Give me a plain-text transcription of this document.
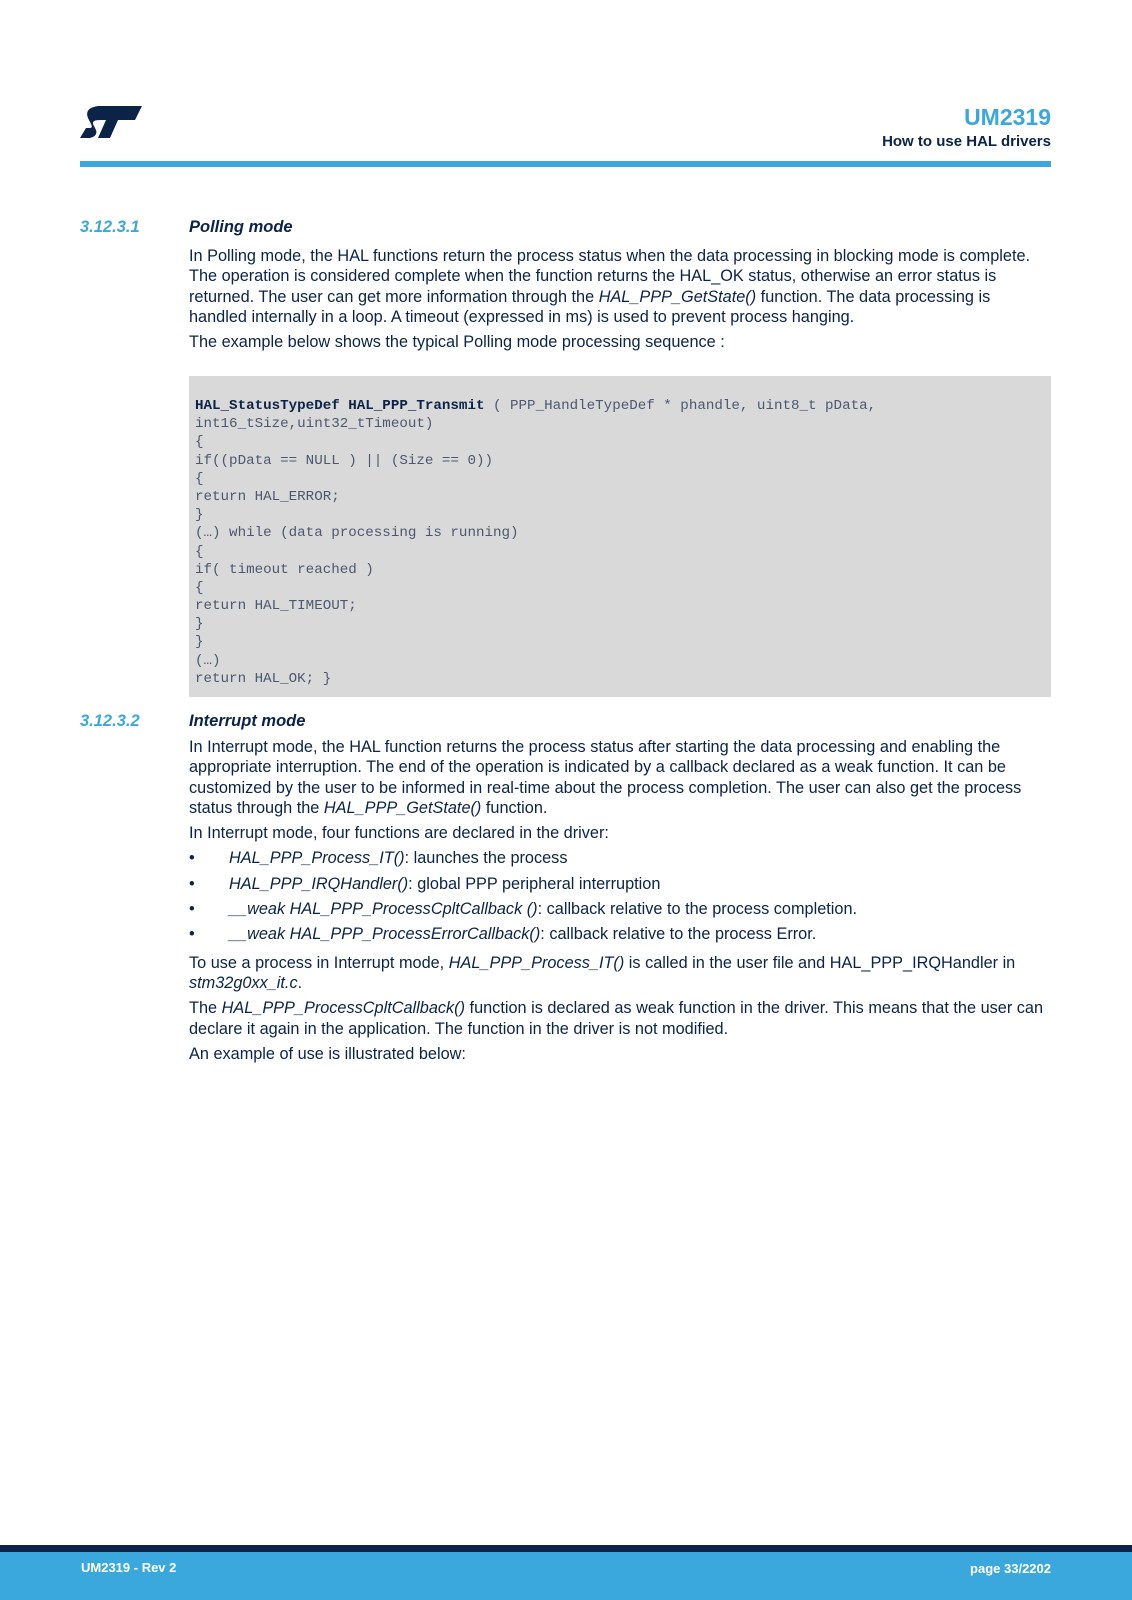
UM2319
How to use HAL drivers
3.12.3.1	Polling mode

In Polling mode, the HAL functions return the process status when the data processing in blocking mode is complete. The operation is considered complete when the function returns the HAL_OK status, otherwise an error status is returned. The user can get more information through the HAL_PPP_GetState() function. The data processing is handled internally in a loop. A timeout (expressed in ms) is used to prevent process hanging.

The example below shows the typical Polling mode processing sequence :

HAL_StatusTypeDef HAL_PPP_Transmit ( PPP_HandleTypeDef * phandle, uint8_t pData,
int16_tSize,uint32_tTimeout)
{
if((pData == NULL ) || (Size == 0))
{
return HAL_ERROR;
}
(…) while (data processing is running)
{
if( timeout reached )
{
return HAL_TIMEOUT;
}
}
(…)
return HAL_OK; }
3.12.3.2	Interrupt mode

In Interrupt mode, the HAL function returns the process status after starting the data processing and enabling the appropriate interruption. The end of the operation is indicated by a callback declared as a weak function. It can be customized by the user to be informed in real-time about the process completion. The user can also get the process status through the HAL_PPP_GetState() function.

In Interrupt mode, four functions are declared in the driver:

• HAL_PPP_Process_IT(): launches the process
• HAL_PPP_IRQHandler(): global PPP peripheral interruption
• __weak HAL_PPP_ProcessCpltCallback (): callback relative to the process completion.
• __weak HAL_PPP_ProcessErrorCallback(): callback relative to the process Error.

To use a process in Interrupt mode, HAL_PPP_Process_IT() is called in the user file and HAL_PPP_IRQHandler in stm32g0xx_it.c.

The HAL_PPP_ProcessCpltCallback() function is declared as weak function in the driver. This means that the user can declare it again in the application. The function in the driver is not modified.

An example of use is illustrated below:

UM2319 - Rev 2	page 33/2202
